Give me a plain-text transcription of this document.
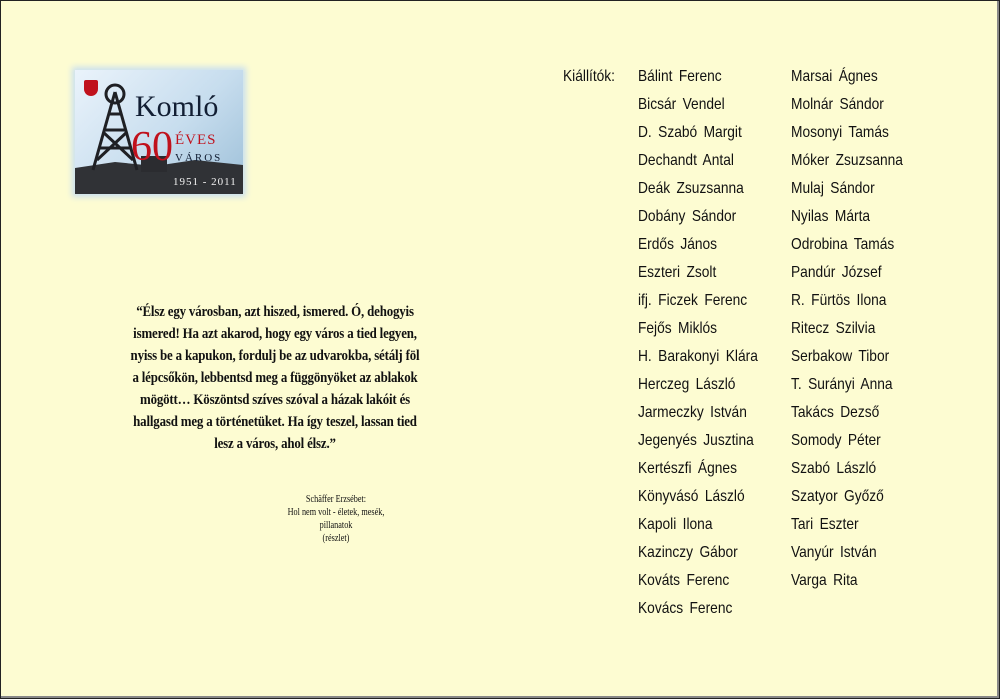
Komló
60 ÉVES
VÁROS
1951 - 2011
“Élsz egy városban, azt hiszed, ismered. Ó, dehogyis ismered! Ha azt akarod, hogy egy város a tied legyen, nyiss be a kapukon, fordulj be az udvarokba, sétálj föl a lépcsőkön, lebbentsd meg a függönyöket az ablakok mögött… Köszöntsd szíves szóval a házak lakóit és hallgasd meg a történetüket. Ha így teszel, lassan tied lesz a város, ahol élsz.”
Schäffer Erzsébet:
Hol nem volt - életek, mesék, pillanatok
(részlet)
Kiállítók: Bálint Ferenc
Bicsár Vendel
D. Szabó Margit
Dechandt Antal
Deák Zsuzsanna
Dobány Sándor
Erdős János
Eszteri Zsolt
ifj. Ficzek Ferenc
Fejős Miklós
H. Barakonyi Klára
Herczeg László
Jarmeczky István
Jegenyés Jusztina
Kertészfi Ágnes
Könyvásó László
Kapoli Ilona
Kazinczy Gábor
Kováts Ferenc
Kovács Ferenc
Marsai Ágnes
Molnár Sándor
Mosonyi Tamás
Móker Zsuzsanna
Mulaj Sándor
Nyilas Márta
Odrobina Tamás
Pandúr József
R. Fürtös Ilona
Ritecz Szilvia
Serbakow Tibor
T. Surányi Anna
Takács Dezső
Somody Péter
Szabó László
Szatyor Győző
Tari Eszter
Vanyúr István
Varga Rita
